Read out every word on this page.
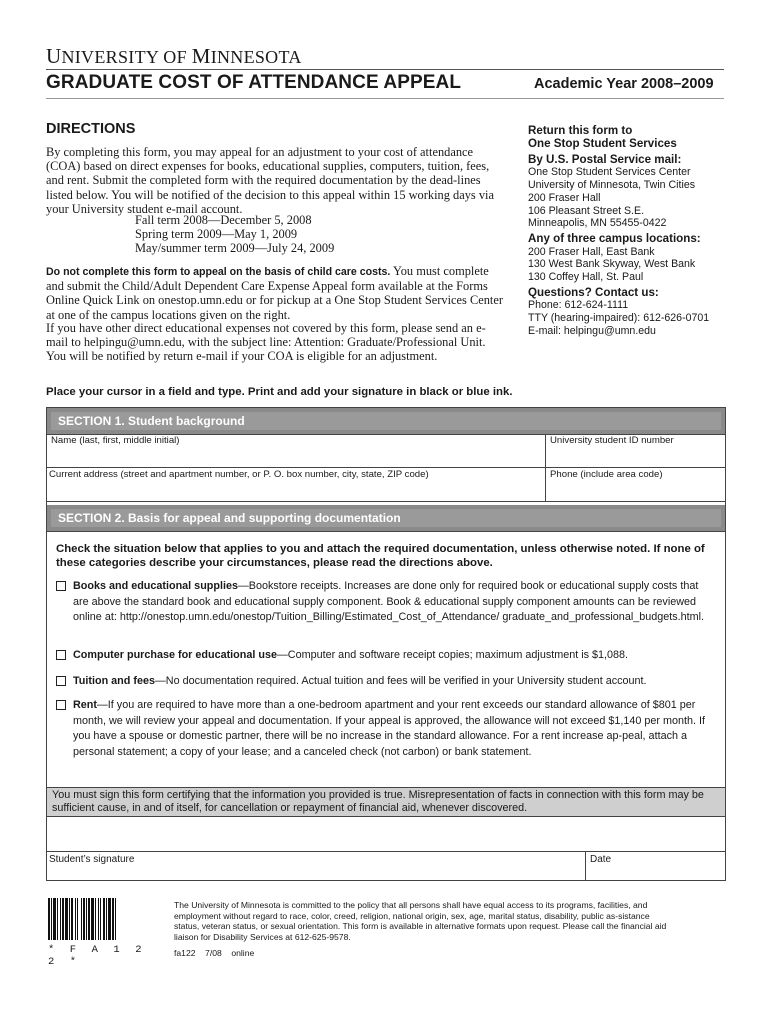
UNIVERSITY OF MINNESOTA
GRADUATE COST OF ATTENDANCE APPEAL	Academic Year 2008–2009
DIRECTIONS
By completing this form, you may appeal for an adjustment to your cost of attendance (COA) based on direct expenses for books, educational supplies, computers, tuition, fees, and rent. Submit the completed form with the required documentation by the dead-lines listed below. You will be notified of the decision to this appeal within 15 working days via your University student e-mail account.
Fall term 2008—December 5, 2008
Spring term 2009—May 1, 2009
May/summer term 2009—July 24, 2009
Do not complete this form to appeal on the basis of child care costs. You must complete and submit the Child/Adult Dependent Care Expense Appeal form available at the Forms Online Quick Link on onestop.umn.edu or for pickup at a One Stop Student Services Center at one of the campus locations given on the right.
If you have other direct educational expenses not covered by this form, please send an e-mail to helpingu@umn.edu, with the subject line: Attention: Graduate/Professional Unit. You will be notified by return e-mail if your COA is eligible for an adjustment.
Return this form to
One Stop Student Services
By U.S. Postal Service mail:
One Stop Student Services Center
University of Minnesota, Twin Cities
200 Fraser Hall
106 Pleasant Street S.E.
Minneapolis, MN 55455-0422
Any of three campus locations:
200 Fraser Hall, East Bank
130 West Bank Skyway, West Bank
130 Coffey Hall, St. Paul
Questions? Contact us:
Phone: 612-624-1111
TTY (hearing-impaired): 612-626-0701
E-mail: helpingu@umn.edu
Place your cursor in a field and type. Print and add your signature in black or blue ink.
SECTION 1. Student background
Name (last, first, middle initial)	University student ID number
Current address (street and apartment number, or P. O. box number, city, state, ZIP code)	Phone (include area code)
SECTION 2. Basis for appeal and supporting documentation
Check the situation below that applies to you and attach the required documentation, unless otherwise noted. If none of these categories describe your circumstances, please read the directions above.
Books and educational supplies—Bookstore receipts. Increases are done only for required book or educational supply costs that are above the standard book and educational supply component. Book & educational supply component amounts can be reviewed online at: http://onestop.umn.edu/onestop/Tuition_Billing/Estimated_Cost_of_Attendance/ graduate_and_professional_budgets.html.
Computer purchase for educational use—Computer and software receipt copies; maximum adjustment is $1,088.
Tuition and fees—No documentation required. Actual tuition and fees will be verified in your University student account.
Rent—If you are required to have more than a one-bedroom apartment and your rent exceeds our standard allowance of $801 per month, we will review your appeal and documentation. If your appeal is approved, the allowance will not exceed $1,140 per month. If you have a spouse or domestic partner, there will be no increase in the standard allowance. For a rent increase ap-peal, attach a personal statement; a copy of your lease; and a canceled check (not carbon) or bank statement.
You must sign this form certifying that the information you provided is true. Misrepresentation of facts in connection with this form may be sufficient cause, in and of itself, for cancellation or repayment of financial aid, whenever discovered.
Student’s signature	Date
* F A 1 2 2 *
The University of Minnesota is committed to the policy that all persons shall have equal access to its programs, facilities, and employment without regard to race, color, creed, religion, national origin, sex, age, marital status, disability, public as-sistance status, veteran status, or sexual orientation. This form is available in alternative formats upon request. Please call the financial aid liaison for Disability Services at 612-625-9578.
fa122    7/08    online
